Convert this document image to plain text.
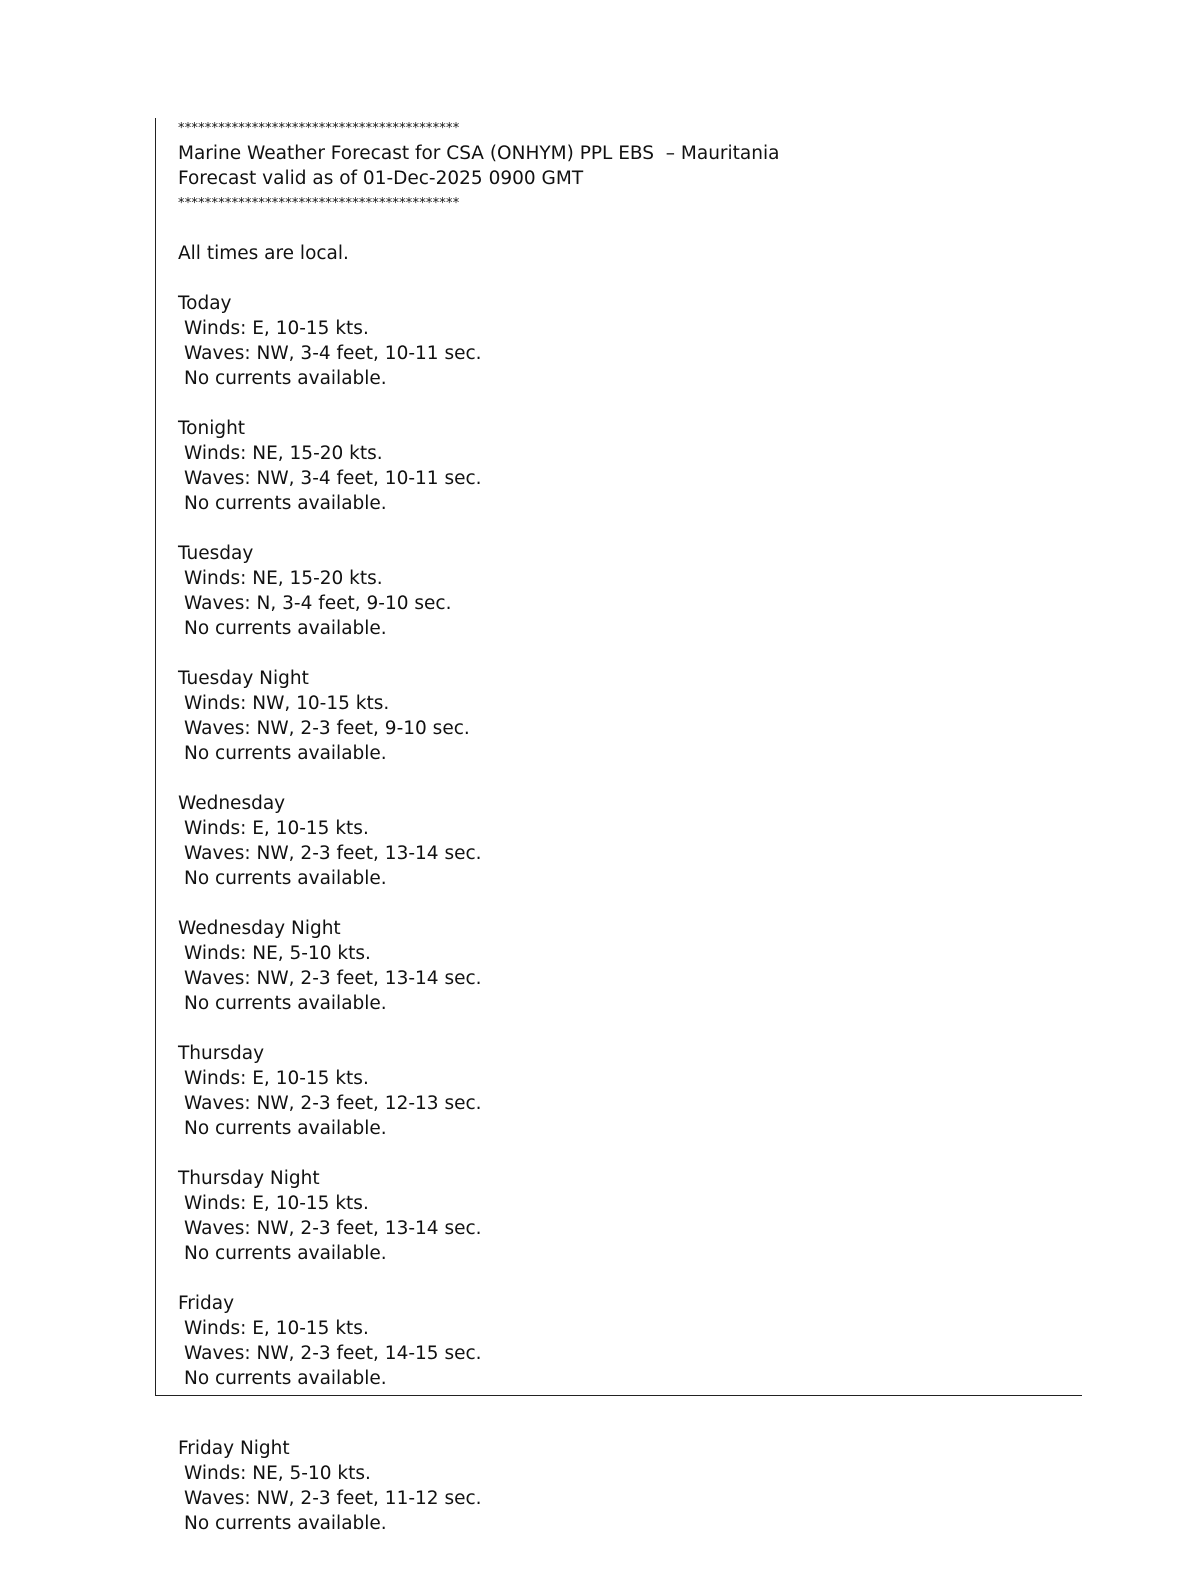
******************************************
Marine Weather Forecast for CSA (ONHYM) PPL EBS  – Mauritania
Forecast valid as of 01-Dec-2025 0900 GMT
******************************************
All times are local.
Today
Winds: E, 10-15 kts.
Waves: NW, 3-4 feet, 10-11 sec.
No currents available.
Tonight
Winds: NE, 15-20 kts.
Waves: NW, 3-4 feet, 10-11 sec.
No currents available.
Tuesday
Winds: NE, 15-20 kts.
Waves: N, 3-4 feet, 9-10 sec.
No currents available.
Tuesday Night
Winds: NW, 10-15 kts.
Waves: NW, 2-3 feet, 9-10 sec.
No currents available.
Wednesday
Winds: E, 10-15 kts.
Waves: NW, 2-3 feet, 13-14 sec.
No currents available.
Wednesday Night
Winds: NE, 5-10 kts.
Waves: NW, 2-3 feet, 13-14 sec.
No currents available.
Thursday
Winds: E, 10-15 kts.
Waves: NW, 2-3 feet, 12-13 sec.
No currents available.
Thursday Night
Winds: E, 10-15 kts.
Waves: NW, 2-3 feet, 13-14 sec.
No currents available.
Friday
Winds: E, 10-15 kts.
Waves: NW, 2-3 feet, 14-15 sec.
No currents available.
Friday Night
Winds: NE, 5-10 kts.
Waves: NW, 2-3 feet, 11-12 sec.
No currents available.
